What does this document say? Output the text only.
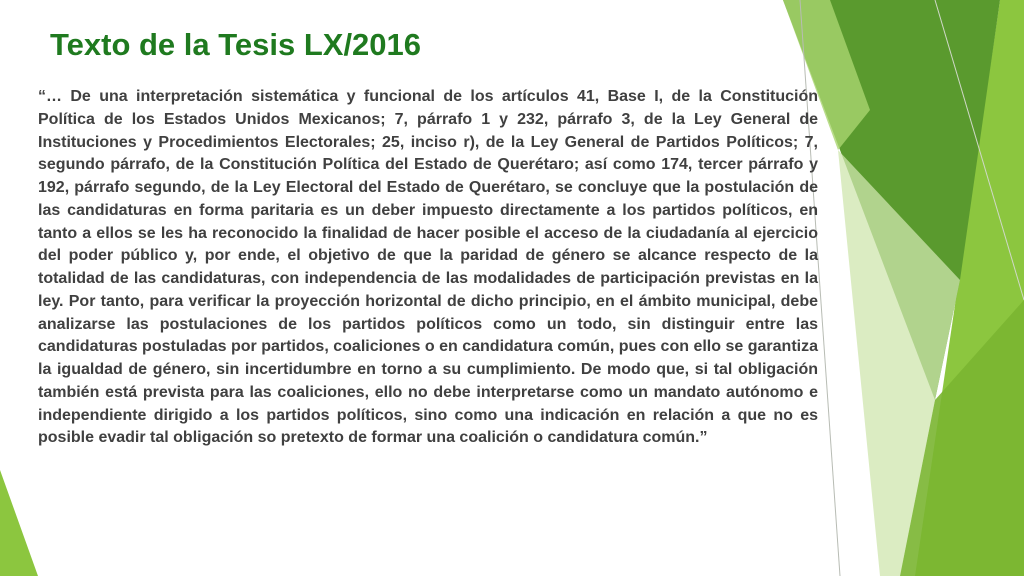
Texto de la Tesis LX/2016

“… De una interpretación sistemática y funcional de los artículos 41, Base I, de la Constitución Política de los Estados Unidos Mexicanos; 7, párrafo 1 y 232, párrafo 3, de la Ley General de Instituciones y Procedimientos Electorales; 25, inciso r), de la Ley General de Partidos Políticos; 7, segundo párrafo, de la Constitución Política del Estado de Querétaro; así como 174, tercer párrafo y 192, párrafo segundo, de la Ley Electoral del Estado de Querétaro, se concluye que la postulación de las candidaturas en forma paritaria es un deber impuesto directamente a los partidos políticos, en tanto a ellos se les ha reconocido la finalidad de hacer posible el acceso de la ciudadanía al ejercicio del poder público y, por ende, el objetivo de que la paridad de género se alcance respecto de la totalidad de las candidaturas, con independencia de las modalidades de participación previstas en la ley. Por tanto, para verificar la proyección horizontal de dicho principio, en el ámbito municipal, debe analizarse las postulaciones de los partidos políticos como un todo, sin distinguir entre las candidaturas postuladas por partidos, coaliciones o en candidatura común, pues con ello se garantiza la igualdad de género, sin incertidumbre en torno a su cumplimiento. De modo que, si tal obligación también está prevista para las coaliciones, ello no debe interpretarse como un mandato autónomo e independiente dirigido a los partidos políticos, sino como una indicación en relación a que no es posible evadir tal obligación so pretexto de formar una coalición o candidatura común.”
